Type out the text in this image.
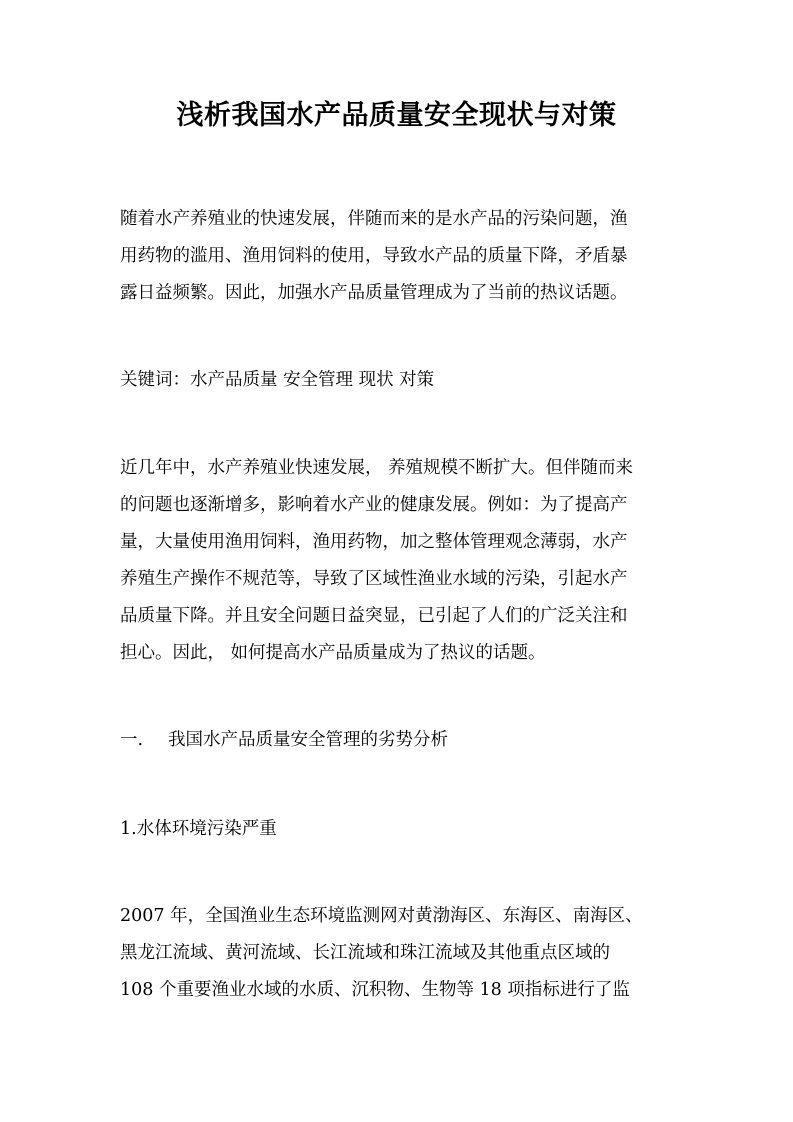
浅析我国水产品质量安全现状与对策
随着水产养殖业的快速发展，伴随而来的是水产品的污染问题，渔
用药物的滥用、渔用饲料的使用，导致水产品的质量下降，矛盾暴
露日益频繁。因此，加强水产品质量管理成为了当前的热议话题。
关键词：水产品质量 安全管理 现状 对策
近几年中，水产养殖业快速发展， 养殖规模不断扩大。但伴随而来
的问题也逐渐增多，影响着水产业的健康发展。例如：为了提高产
量，大量使用渔用饲料，渔用药物，加之整体管理观念薄弱，水产
养殖生产操作不规范等，导致了区域性渔业水域的污染，引起水产
品质量下降。并且安全问题日益突显，已引起了人们的广泛关注和
担心。因此， 如何提高水产品质量成为了热议的话题。
一. 我国水产品质量安全管理的劣势分析
1.水体环境污染严重
2007 年，全国渔业生态环境监测网对黄渤海区、东海区、南海区、
黑龙江流域、黄河流域、长江流域和珠江流域及其他重点区域的
108 个重要渔业水域的水质、沉积物、生物等 18 项指标进行了监
